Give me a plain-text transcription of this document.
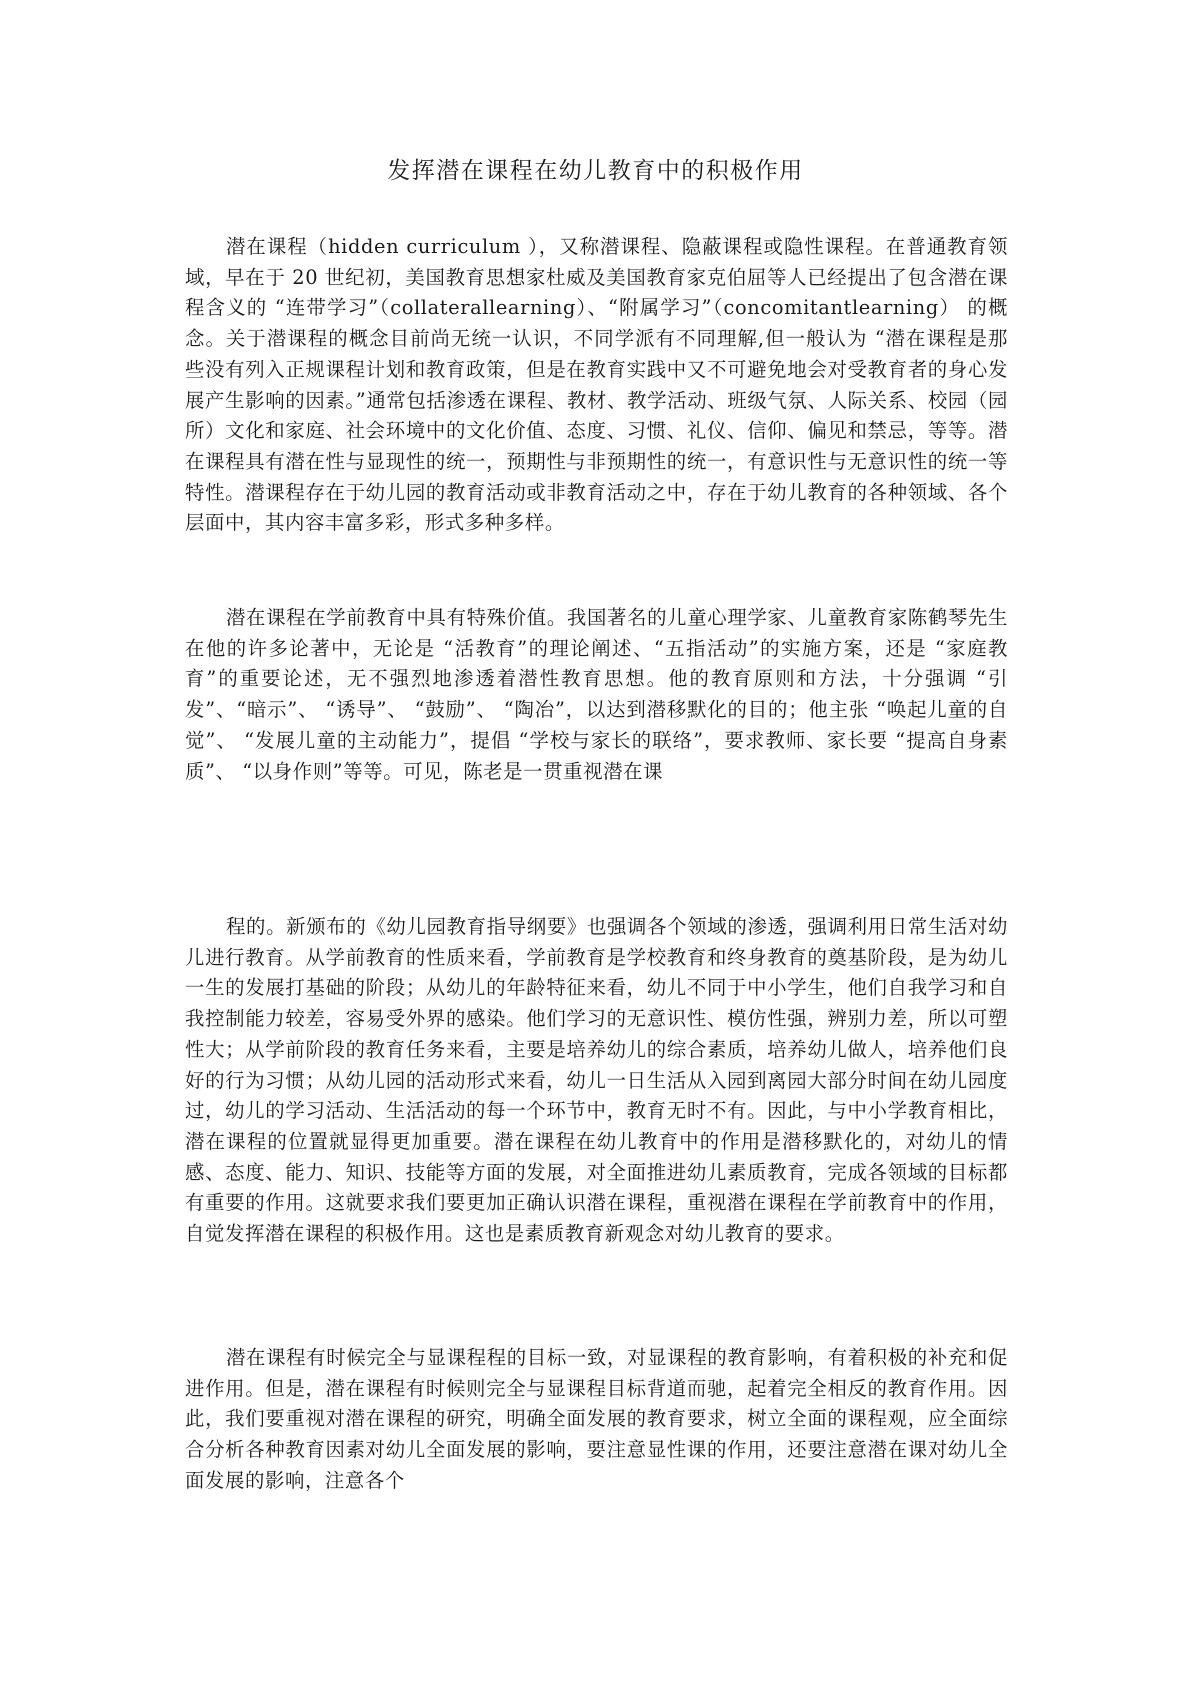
发挥潜在课程在幼儿教育中的积极作用

潜在课程（hidden curriculum ），又称潜课程、隐蔽课程或隐性课程。在普通教育领域，早在于 20 世纪初，美国教育思想家杜威及美国教育家克伯屈等人已经提出了包含潜在课程含义的 “连带学习”（collaterallearning）、“附属学习”（concomitantlearning） 的概念。关于潜课程的概念目前尚无统一认识，不同学派有不同理解,但一般认为 “潜在课程是那些没有列入正规课程计划和教育政策，但是在教育实践中又不可避免地会对受教育者的身心发展产生影响的因素。”通常包括渗透在课程、教材、教学活动、班级气氛、人际关系、校园（园所）文化和家庭、社会环境中的文化价值、态度、习惯、礼仪、信仰、偏见和禁忌，等等。潜在课程具有潜在性与显现性的统一，预期性与非预期性的统一，有意识性与无意识性的统一等特性。潜课程存在于幼儿园的教育活动或非教育活动之中，存在于幼儿教育的各种领域、各个层面中，其内容丰富多彩，形式多种多样。

潜在课程在学前教育中具有特殊价值。我国著名的儿童心理学家、儿童教育家陈鹤琴先生在他的许多论著中，无论是 “活教育”的理论阐述、“五指活动”的实施方案，还是 “家庭教育”的重要论述，无不强烈地渗透着潜性教育思想。他的教育原则和方法，十分强调 “引发”、“暗示”、 “诱导”、 “鼓励”、 “陶冶”，以达到潜移默化的目的；他主张 “唤起儿童的自觉”、 “发展儿童的主动能力”，提倡 “学校与家长的联络”，要求教师、家长要 “提高自身素质”、 “以身作则”等等。可见，陈老是一贯重视潜在课

程的。新颁布的《幼儿园教育指导纲要》也强调各个领域的渗透，强调利用日常生活对幼儿进行教育。从学前教育的性质来看，学前教育是学校教育和终身教育的奠基阶段，是为幼儿一生的发展打基础的阶段；从幼儿的年龄特征来看，幼儿不同于中小学生，他们自我学习和自我控制能力较差，容易受外界的感染。他们学习的无意识性、模仿性强，辨别力差，所以可塑性大；从学前阶段的教育任务来看，主要是培养幼儿的综合素质，培养幼儿做人，培养他们良好的行为习惯；从幼儿园的活动形式来看，幼儿一日生活从入园到离园大部分时间在幼儿园度过，幼儿的学习活动、生活活动的每一个环节中，教育无时不有。因此，与中小学教育相比，潜在课程的位置就显得更加重要。潜在课程在幼儿教育中的作用是潜移默化的，对幼儿的情感、态度、能力、知识、技能等方面的发展，对全面推进幼儿素质教育，完成各领域的目标都有重要的作用。这就要求我们要更加正确认识潜在课程，重视潜在课程在学前教育中的作用，自觉发挥潜在课程的积极作用。这也是素质教育新观念对幼儿教育的要求。

潜在课程有时候完全与显课程程的目标一致，对显课程的教育影响，有着积极的补充和促进作用。但是，潜在课程有时候则完全与显课程目标背道而驰，起着完全相反的教育作用。因此，我们要重视对潜在课程的研究，明确全面发展的教育要求，树立全面的课程观，应全面综合分析各种教育因素对幼儿全面发展的影响，要注意显性课的作用，还要注意潜在课对幼儿全面发展的影响，注意各个
